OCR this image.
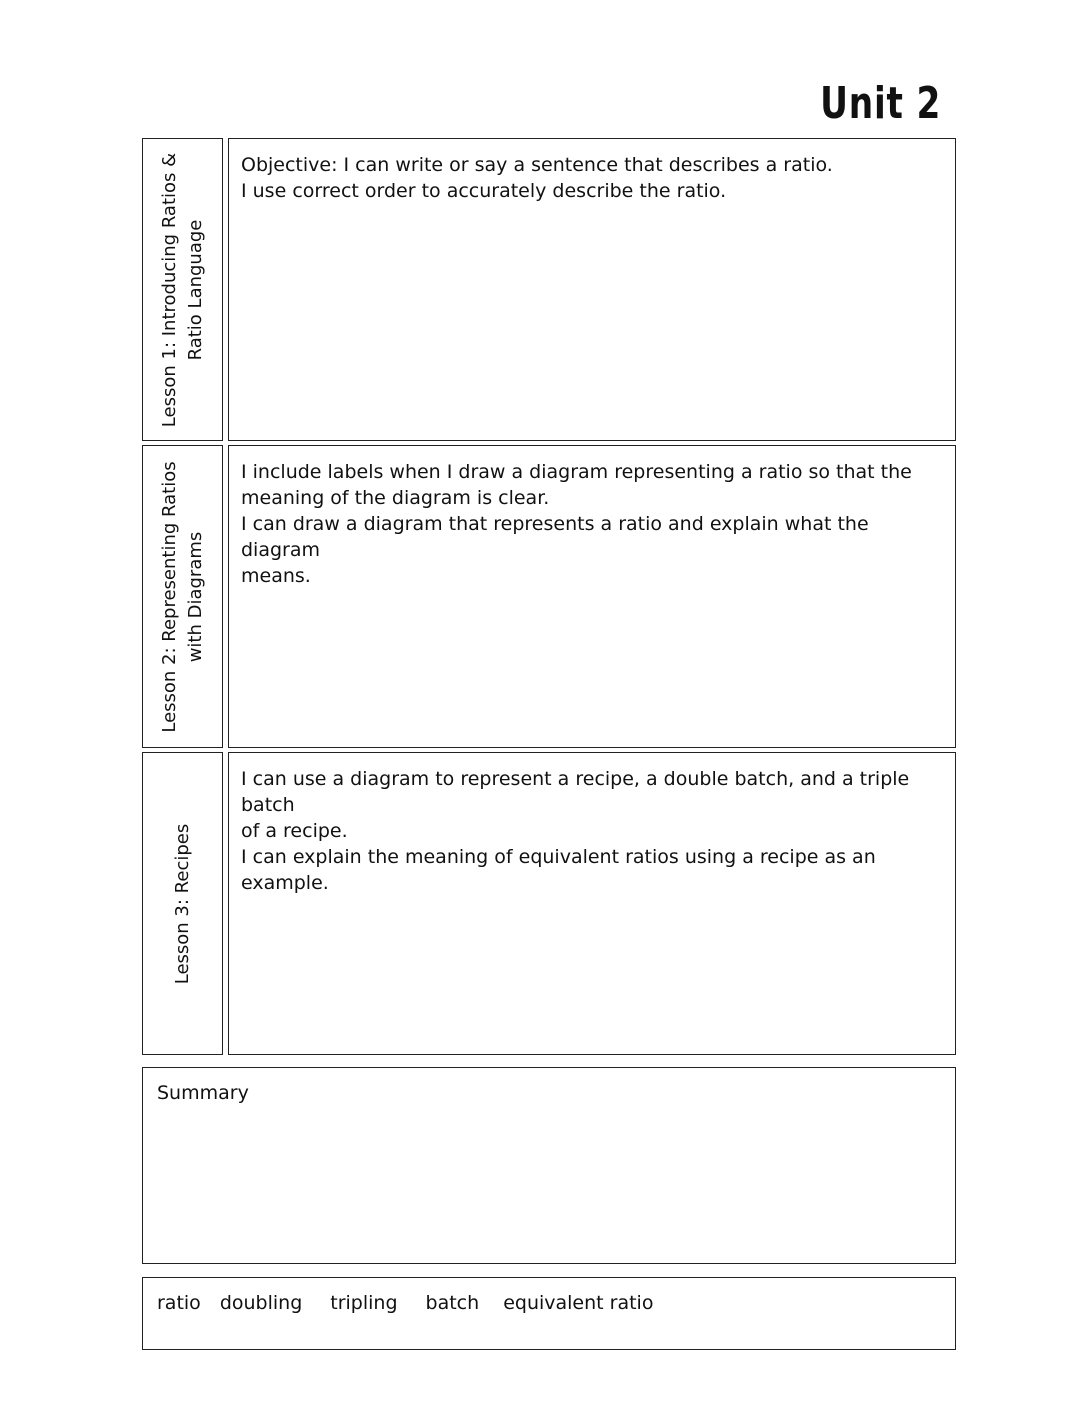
Unit 2
Lesson 1: Introducing Ratios & Ratio Language
Objective: I can write or say a sentence that describes a ratio.
I use correct order to accurately describe the ratio.
Lesson 2: Representing Ratios with Diagrams
I include labels when I draw a diagram representing a ratio so that the
meaning of the diagram is clear.
I can draw a diagram that represents a ratio and explain what the diagram
means.
Lesson 3: Recipes
I can use a diagram to represent a recipe, a double batch, and a triple batch
of a recipe.
I can explain the meaning of equivalent ratios using a recipe as an example.
Summary
ratio doubling tripling batch equivalent ratio
